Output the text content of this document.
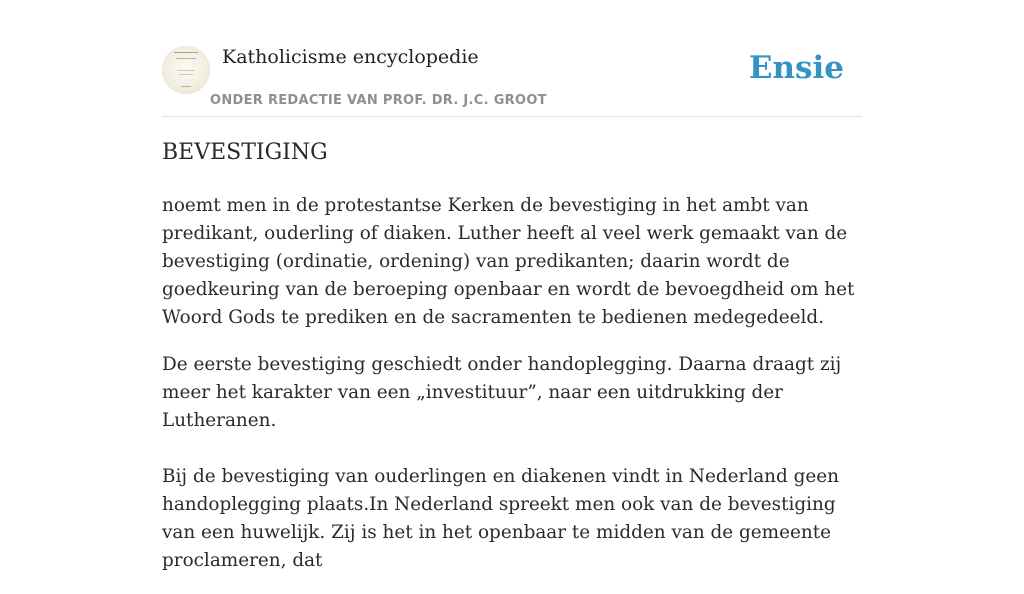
Katholicisme encyclopedie
ONDER REDACTIE VAN PROF. DR. J.C. GROOT
Ensie
BEVESTIGING

noemt men in de protestantse Kerken de bevestiging in het ambt van predikant, ouderling of diaken. Luther heeft al veel werk gemaakt van de bevestiging (ordinatie, ordening) van predikanten; daarin wordt de goedkeuring van de beroeping openbaar en wordt de bevoegdheid om het Woord Gods te prediken en de sacramenten te bedienen medegedeeld.

De eerste bevestiging geschiedt onder handoplegging. Daarna draagt zij meer het karakter van een „investituur”, naar een uitdrukking der Lutheranen.

Bij de bevestiging van ouderlingen en diakenen vindt in Nederland geen handoplegging plaats.In Nederland spreekt men ook van de bevestiging van een huwelijk. Zij is het in het openbaar te midden van de gemeente proclameren, dat
